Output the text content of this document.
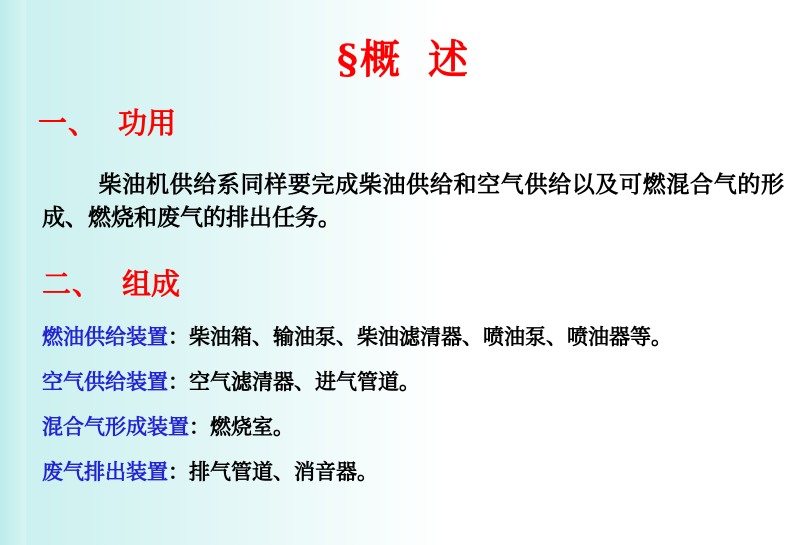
§概 述
一、 功用
柴油机供给系同样要完成柴油供给和空气供给以及可燃混合气的形成、燃烧和废气的排出任务。
二、 组成
燃油供给装置：柴油箱、输油泵、柴油滤清器、喷油泵、喷油器等。
空气供给装置：空气滤清器、进气管道。
混合气形成装置：燃烧室。
废气排出装置：排气管道、消音器。
